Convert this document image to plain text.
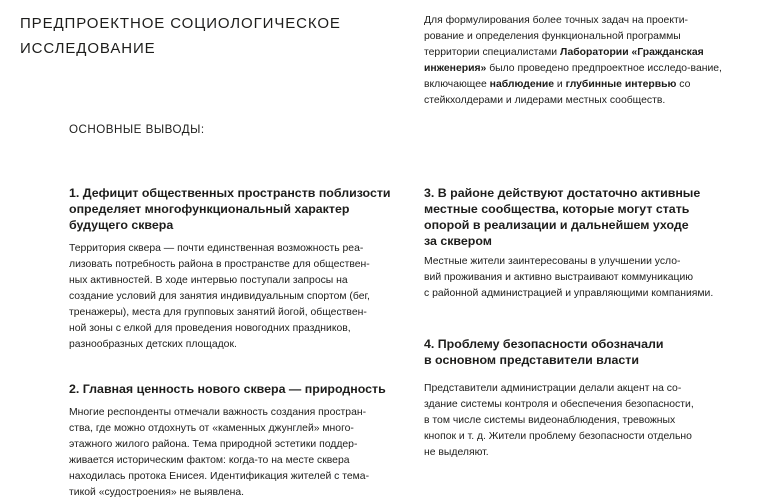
ПРЕДПРОЕКТНОЕ СОЦИОЛОГИЧЕСКОЕ
ИССЛЕДОВАНИЕ

Для формулирования более точных задач на проекти-рование и определения функциональной программы территории специалистами Лаборатории «Гражданская инженерия» было проведено предпроектное исследо-вание, включающее наблюдение и глубинные интервью со стейкхолдерами и лидерами местных сообществ.

ОСНОВНЫЕ ВЫВОДЫ:
1. Дефицит общественных пространств поблизости
определяет многофункциональный характер
будущего сквера
Территория сквера — почти единственная возможность реа-
лизовать потребность района в пространстве для обществен-
ных активностей. В ходе интервью поступали запросы на
создание условий для занятия индивидуальным спортом (бег,
тренажеры), места для групповых занятий йогой, обществен-
ной зоны с елкой для проведения новогодних праздников,
разнообразных детских площадок.
2. Главная ценность нового сквера — природность
Многие респонденты отмечали важность создания простран-
ства, где можно отдохнуть от «каменных джунглей» много-
этажного жилого района. Тема природной эстетики поддер-
живается историческим фактом: когда-то на месте сквера
находилась протока Енисея. Идентификация жителей с тема-
тикой «судостроения» не выявлена.
3. В районе действуют достаточно активные
местные сообщества, которые могут стать
опорой в реализации и дальнейшем уходе
за сквером
Местные жители заинтересованы в улучшении усло-
вий проживания и активно выстраивают коммуникацию
с районной администрацией и управляющими компаниями.
4. Проблему безопасности обозначали
в основном представители власти
Представители администрации делали акцент на со-
здание системы контроля и обеспечения безопасности,
в том числе системы видеонаблюдения, тревожных
кнопок и т. д. Жители проблему безопасности отдельно
не выделяют.
